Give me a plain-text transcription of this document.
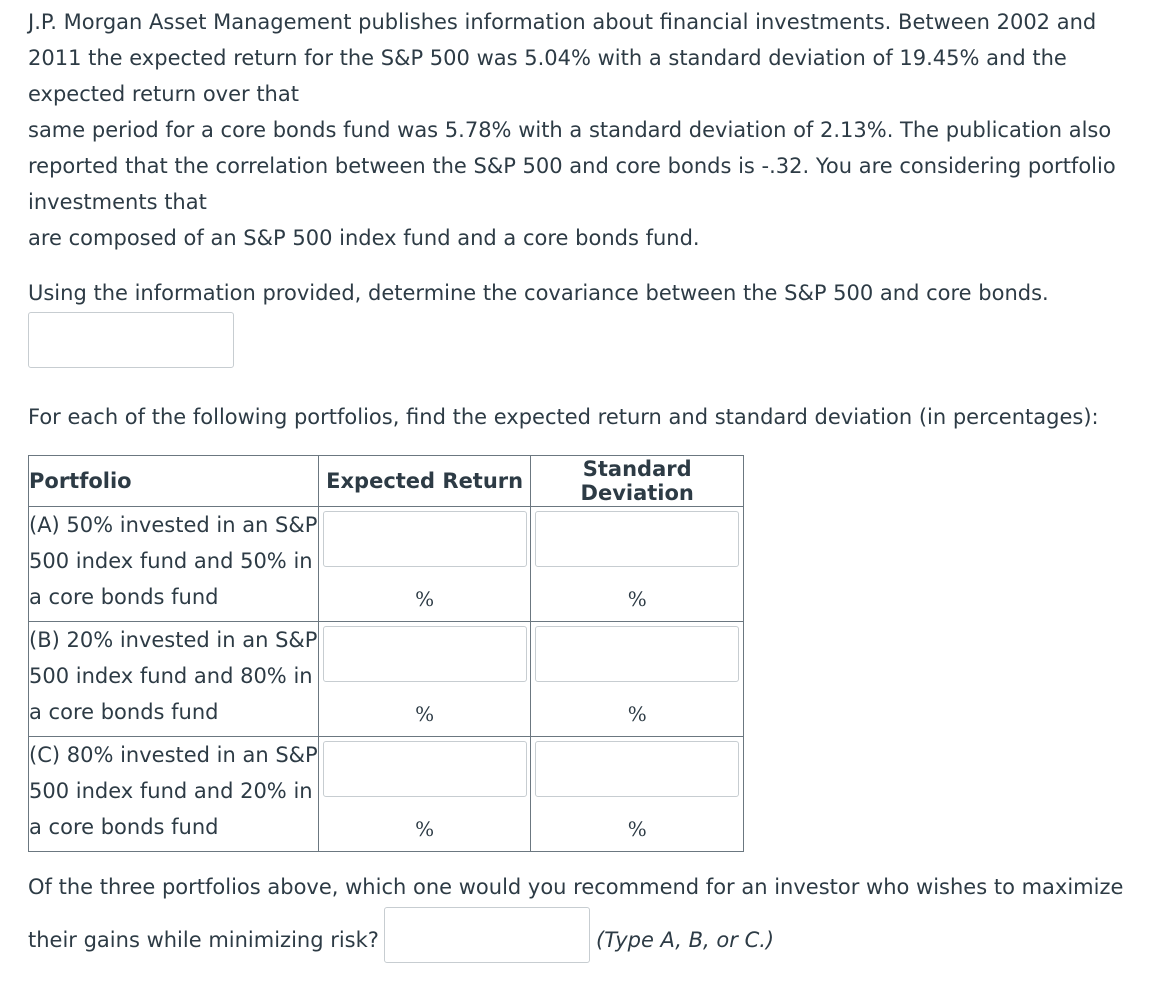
J.P. Morgan Asset Management publishes information about financial investments. Between 2002 and 2011 the expected return for the S&P 500 was 5.04% with a standard deviation of 19.45% and the expected return over that

same period for a core bonds fund was 5.78% with a standard deviation of 2.13%. The publication also reported that the correlation between the S&P 500 and core bonds is -.32. You are considering portfolio investments that

are composed of an S&P 500 index fund and a core bonds fund.

Using the information provided, determine the covariance between the S&P 500 and core bonds.

For each of the following portfolios, find the expected return and standard deviation (in percentages):

Portfolio	Expected Return	Standard Deviation
(A) 50% invested in an S&P 500 index fund and 50% in a core bonds fund	%	%

(B) 20% invested in an S&P 500 index fund and 80% in a core bonds fund	%	%

(C) 80% invested in an S&P 500 index fund and 20% in a core bonds fund	%	%

Of the three portfolios above, which one would you recommend for an investor who wishes to maximize

their gains while minimizing risk?	(Type A, B, or C.)
